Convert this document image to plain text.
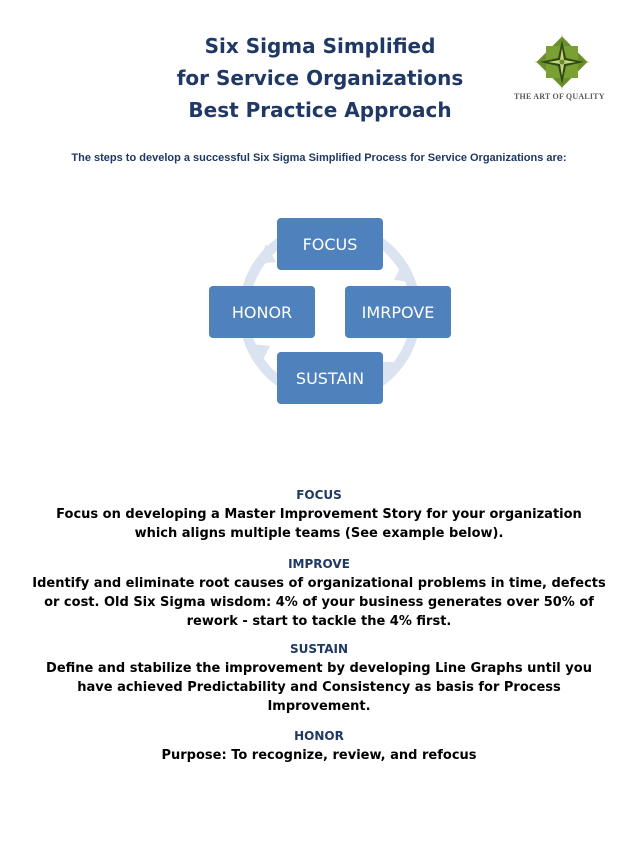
Six Sigma Simplified
for Service Organizations
Best Practice Approach
THE ART OF QUALITY
The steps to develop a successful Six Sigma Simplified Process for Service Organizations are:
FOCUS
IMRPOVE
SUSTAIN
HONOR
FOCUS
Focus on developing a Master Improvement Story for your organization
which aligns multiple teams (See example below).
IMPROVE
Identify and eliminate root causes of organizational problems in time, defects
or cost. Old Six Sigma wisdom: 4% of your business generates over 50% of
rework - start to tackle the 4% first.
SUSTAIN
Define and stabilize the improvement by developing Line Graphs until you
have achieved Predictability and Consistency as basis for Process
Improvement.
HONOR
Purpose: To recognize, review, and refocus
